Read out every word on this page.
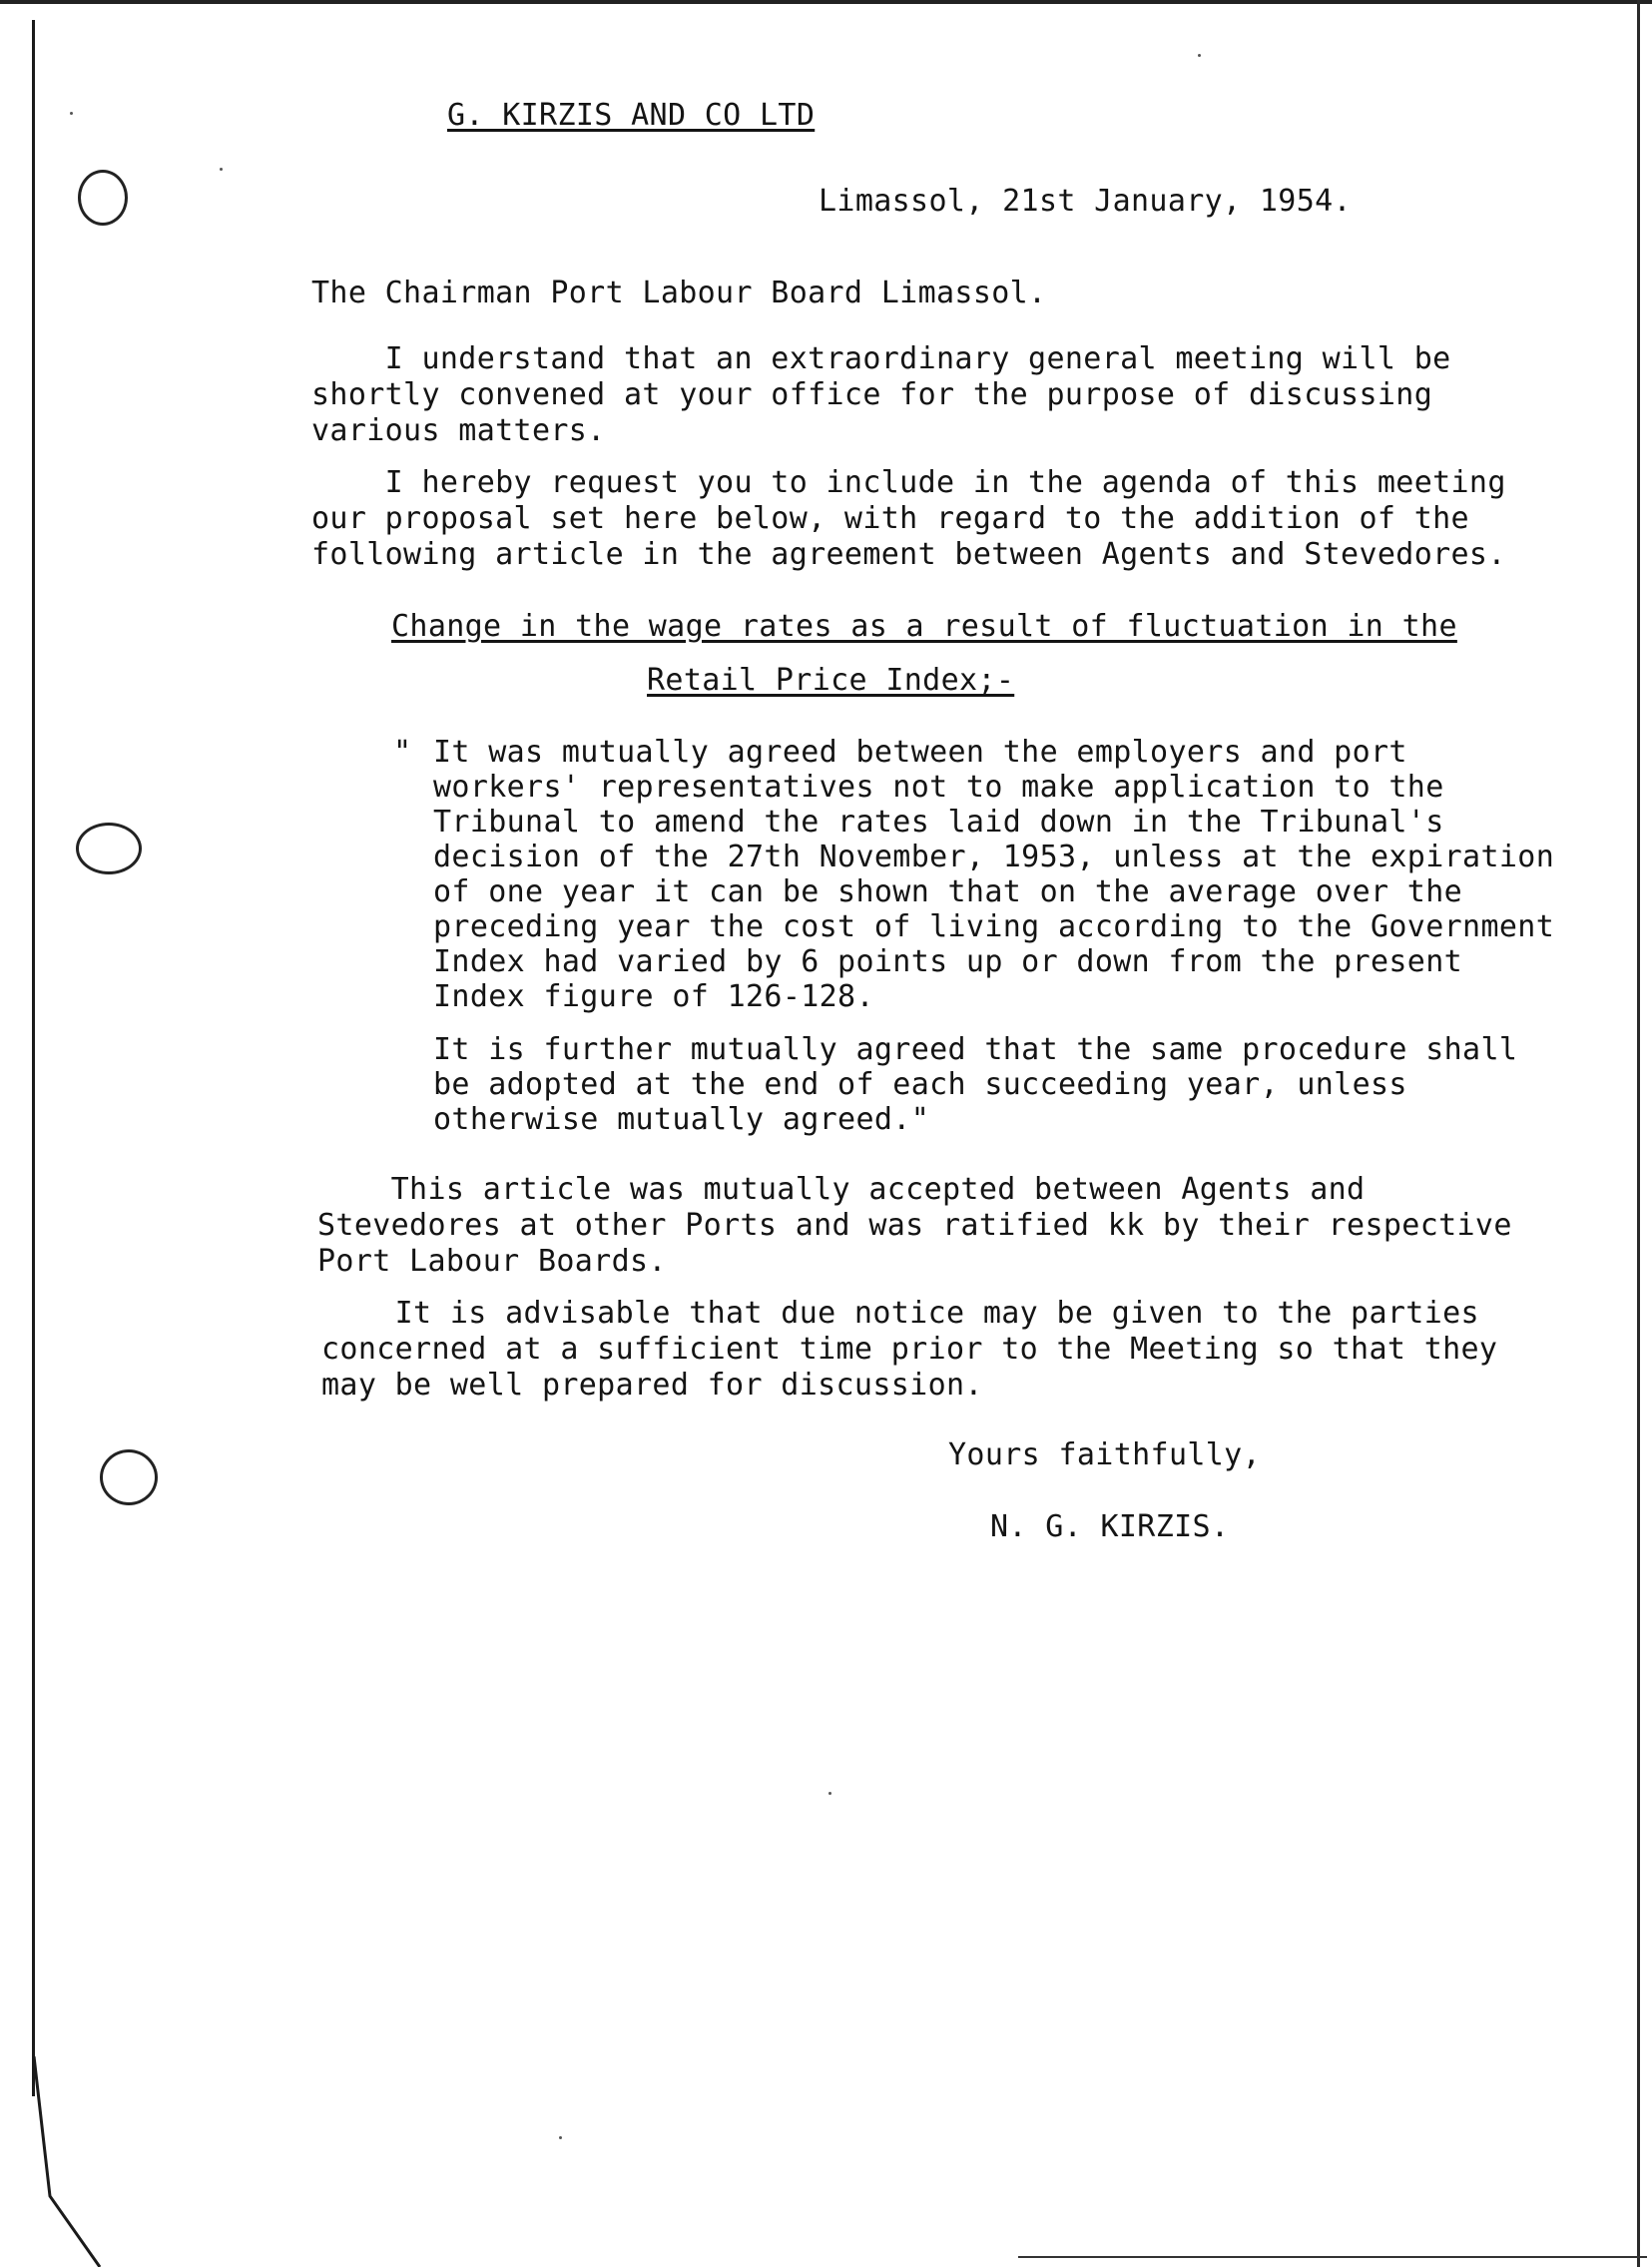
G. KIRZIS AND CO LTD
Limassol, 21st January, 1954.
The Chairman Port Labour Board Limassol.
I understand that an extraordinary general meeting will be
shortly convened at your office for the purpose of discussing
various matters.
I hereby request you to include in the agenda of this meeting
our proposal set here below, with regard to the addition of the
following article in the agreement between Agents and Stevedores.
Change in the wage rates as a result of fluctuation in the
Retail Price Index;-
" It was mutually agreed between the employers and port
workers' representatives not to make application to the
Tribunal to amend the rates laid down in the Tribunal's
decision of the 27th November, 1953, unless at the expiration
of one year it can be shown that on the average over the
preceding year the cost of living according to the Government
Index had varied by 6 points up or down from the present
Index figure of 126-128.
It is further mutually agreed that the same procedure shall
be adopted at the end of each succeeding year, unless
otherwise mutually agreed."
This article was mutually accepted between Agents and
Stevedores at other Ports and was ratified kk by their respective
Port Labour Boards.
It is advisable that due notice may be given to the parties
concerned at a sufficient time prior to the Meeting so that they
may be well prepared for discussion.
Yours faithfully,
N. G. KIRZIS.
